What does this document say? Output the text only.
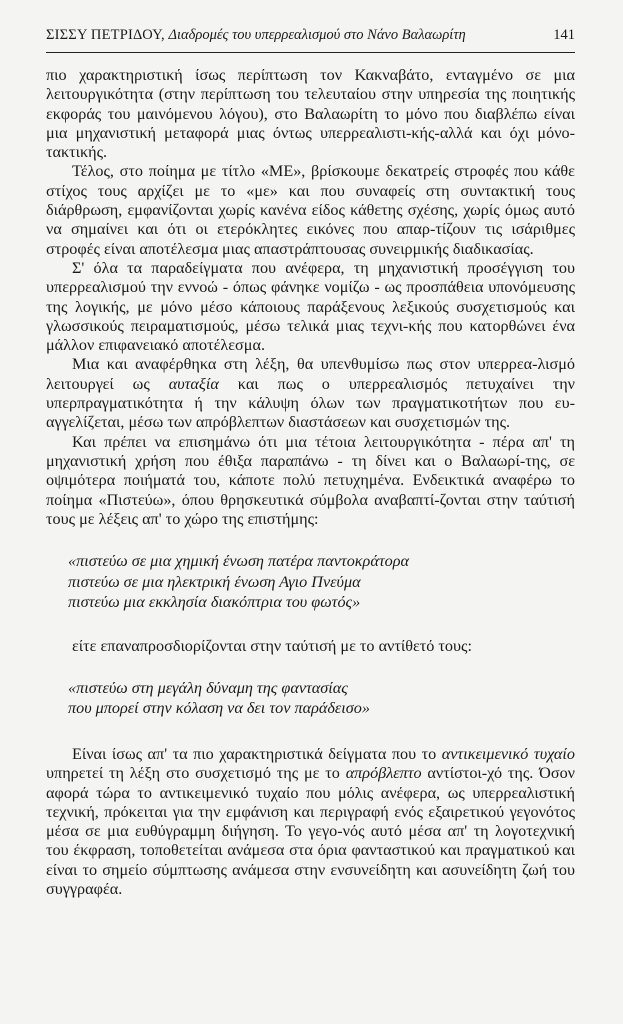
ΣΙΣΣΥ ΠΕΤΡΙΔΟΥ, Διαδρομές του υπερρεαλισμού στο Νάνο Βαλαωρίτη	141

πιο χαρακτηριστική ίσως περίπτωση τον Κακναβάτο, ενταγμένο σε μια λειτουργικότητα (στην περίπτωση του τελευταίου στην υπηρεσία της ποιητικής εκφοράς του μαινόμενου λόγου), στο Βαλαωρίτη το μόνο που διαβλέπω είναι μια μηχανιστική μεταφορά μιας όντως υπερρεαλιστι-κής-αλλά και όχι μόνο-τακτικής.

Τέλος, στο ποίημα με τίτλο «ΜΕ», βρίσκουμε δεκατρείς στροφές που κάθε στίχος τους αρχίζει με το «με» και που συναφείς στη συντακτική τους διάρθρωση, εμφανίζονται χωρίς κανένα είδος κάθετης σχέσης, χωρίς όμως αυτό να σημαίνει και ότι οι ετερόκλητες εικόνες που απαρ-τίζουν τις ισάριθμες στροφές είναι αποτέλεσμα μιας απαστράπτουσας συνειρμικής διαδικασίας.

Σ' όλα τα παραδείγματα που ανέφερα, τη μηχανιστική προσέγγιση του υπερρεαλισμού την εννοώ - όπως φάνηκε νομίζω - ως προσπάθεια υπονόμευσης της λογικής, με μόνο μέσο κάποιους παράξενους λεξικούς συσχετισμούς και γλωσσικούς πειραματισμούς, μέσω τελικά μιας τεχνι-κής που κατορθώνει ένα μάλλον επιφανειακό αποτέλεσμα.

Μια και αναφέρθηκα στη λέξη, θα υπενθυμίσω πως στον υπερρεα-λισμό λειτουργεί ως αυταξία και πως ο υπερρεαλισμός πετυχαίνει την υπερπραγματικότητα ή την κάλυψη όλων των πραγματικοτήτων που ευ-αγγελίζεται, μέσω των απρόβλεπτων διαστάσεων και συσχετισμών της.

Και πρέπει να επισημάνω ότι μια τέτοια λειτουργικότητα - πέρα απ' τη μηχανιστική χρήση που έθιξα παραπάνω - τη δίνει και ο Βαλαωρί-της, σε οψιμότερα ποιήματά του, κάποτε πολύ πετυχημένα. Ενδεικτικά αναφέρω το ποίημα «Πιστεύω», όπου θρησκευτικά σύμβολα αναβαπτί-ζονται στην ταύτισή τους με λέξεις απ' το χώρο της επιστήμης:

«πιστεύω σε μια χημική ένωση πατέρα παντοκράτορα
πιστεύω σε μια ηλεκτρική ένωση Αγιο Πνεύμα
πιστεύω μια εκκλησία διακόπτρια του φωτός»

είτε επαναπροσδιορίζονται στην ταύτισή με το αντίθετό τους:

«πιστεύω στη μεγάλη δύναμη της φαντασίας
που μπορεί στην κόλαση να δει τον παράδεισο»

Είναι ίσως απ' τα πιο χαρακτηριστικά δείγματα που το αντικειμενικό τυχαίο υπηρετεί τη λέξη στο συσχετισμό της με το απρόβλεπτο αντίστοι-χό της. Όσον αφορά τώρα το αντικειμενικό τυχαίο που μόλις ανέφερα, ως υπερρεαλιστική τεχνική, πρόκειται για την εμφάνιση και περιγραφή ενός εξαιρετικού γεγονότος μέσα σε μια ευθύγραμμη διήγηση. Το γεγο-νός αυτό μέσα απ' τη λογοτεχνική του έκφραση, τοποθετείται ανάμεσα στα όρια φανταστικού και πραγματικού και είναι το σημείο σύμπτωσης ανάμεσα στην ενσυνείδητη και ασυνείδητη ζωή του συγγραφέα.
